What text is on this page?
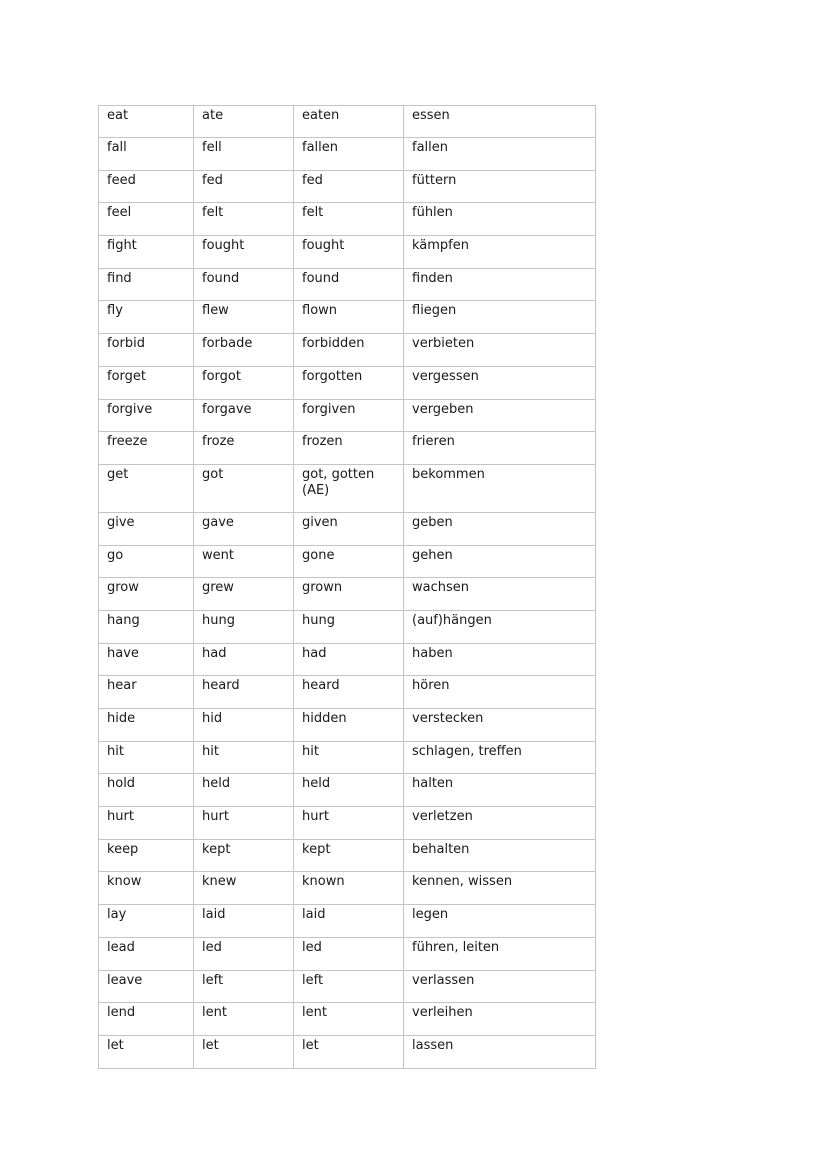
eat	ate	eaten	essen
fall	fell	fallen	fallen
feed	fed	fed	füttern
feel	felt	felt	fühlen
fight	fought	fought	kämpfen
find	found	found	finden
fly	flew	flown	fliegen
forbid	forbade	forbidden	verbieten
forget	forgot	forgotten	vergessen
forgive	forgave	forgiven	vergeben
freeze	froze	frozen	frieren
get	got	got, gotten (AE)	bekommen
give	gave	given	geben
go	went	gone	gehen
grow	grew	grown	wachsen
hang	hung	hung	(auf)hängen
have	had	had	haben
hear	heard	heard	hören
hide	hid	hidden	verstecken
hit	hit	hit	schlagen, treffen
hold	held	held	halten
hurt	hurt	hurt	verletzen
keep	kept	kept	behalten
know	knew	known	kennen, wissen
lay	laid	laid	legen
lead	led	led	führen, leiten
leave	left	left	verlassen
lend	lent	lent	verleihen
let	let	let	lassen
